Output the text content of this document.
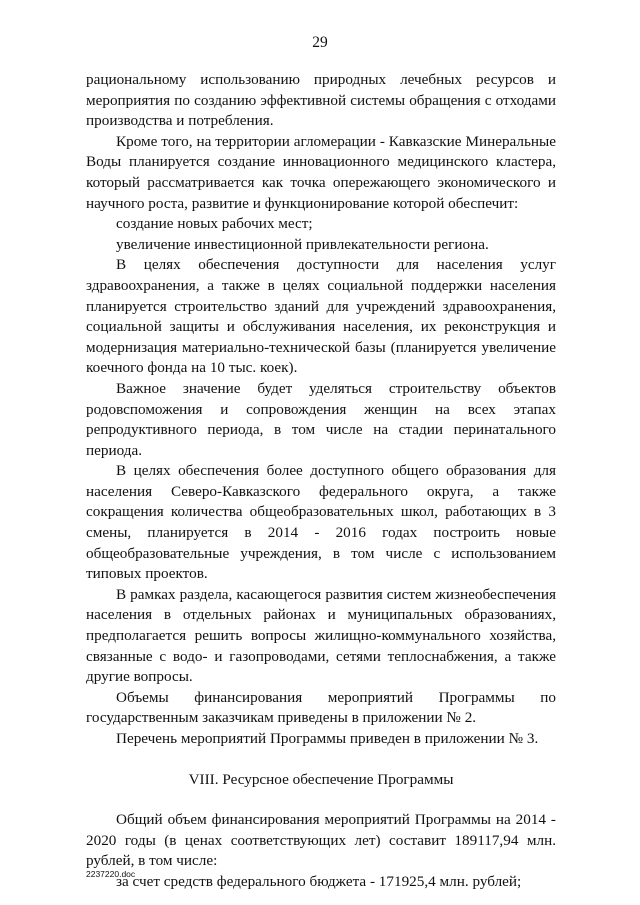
29

рациональному использованию природных лечебных ресурсов и мероприятия по созданию эффективной системы обращения с отходами производства и потребления.

Кроме того, на территории агломерации - Кавказские Минеральные Воды планируется создание инновационного медицинского кластера, который рассматривается как точка опережающего экономического и научного роста, развитие и функционирование которой обеспечит:

создание новых рабочих мест;

увеличение инвестиционной привлекательности региона.

В целях обеспечения доступности для населения услуг здравоохранения, а также в целях социальной поддержки населения планируется строительство зданий для учреждений здравоохранения, социальной защиты и обслуживания населения, их реконструкция и модернизация материально-технической базы (планируется увеличение коечного фонда на 10 тыс. коек).

Важное значение будет уделяться строительству объектов родовспоможения и сопровождения женщин на всех этапах репродуктивного периода, в том числе на стадии перинатального периода.

В целях обеспечения более доступного общего образования для населения Северо-Кавказского федерального округа, а также сокращения количества общеобразовательных школ, работающих в 3 смены, планируется в 2014 - 2016 годах построить новые общеобразовательные учреждения, в том числе с использованием типовых проектов.

В рамках раздела, касающегося развития систем жизнеобеспечения населения в отдельных районах и муниципальных образованиях, предполагается решить вопросы жилищно-коммунального хозяйства, связанные с водо- и газопроводами, сетями теплоснабжения, а также другие вопросы.

Объемы финансирования мероприятий Программы по государственным заказчикам приведены в приложении № 2.

Перечень мероприятий Программы приведен в приложении № 3.

VIII. Ресурсное обеспечение Программы

Общий объем финансирования мероприятий Программы на 2014 - 2020 годы (в ценах соответствующих лет) составит 189117,94 млн. рублей, в том числе:

за счет средств федерального бюджета - 171925,4 млн. рублей;

2237220.doc
